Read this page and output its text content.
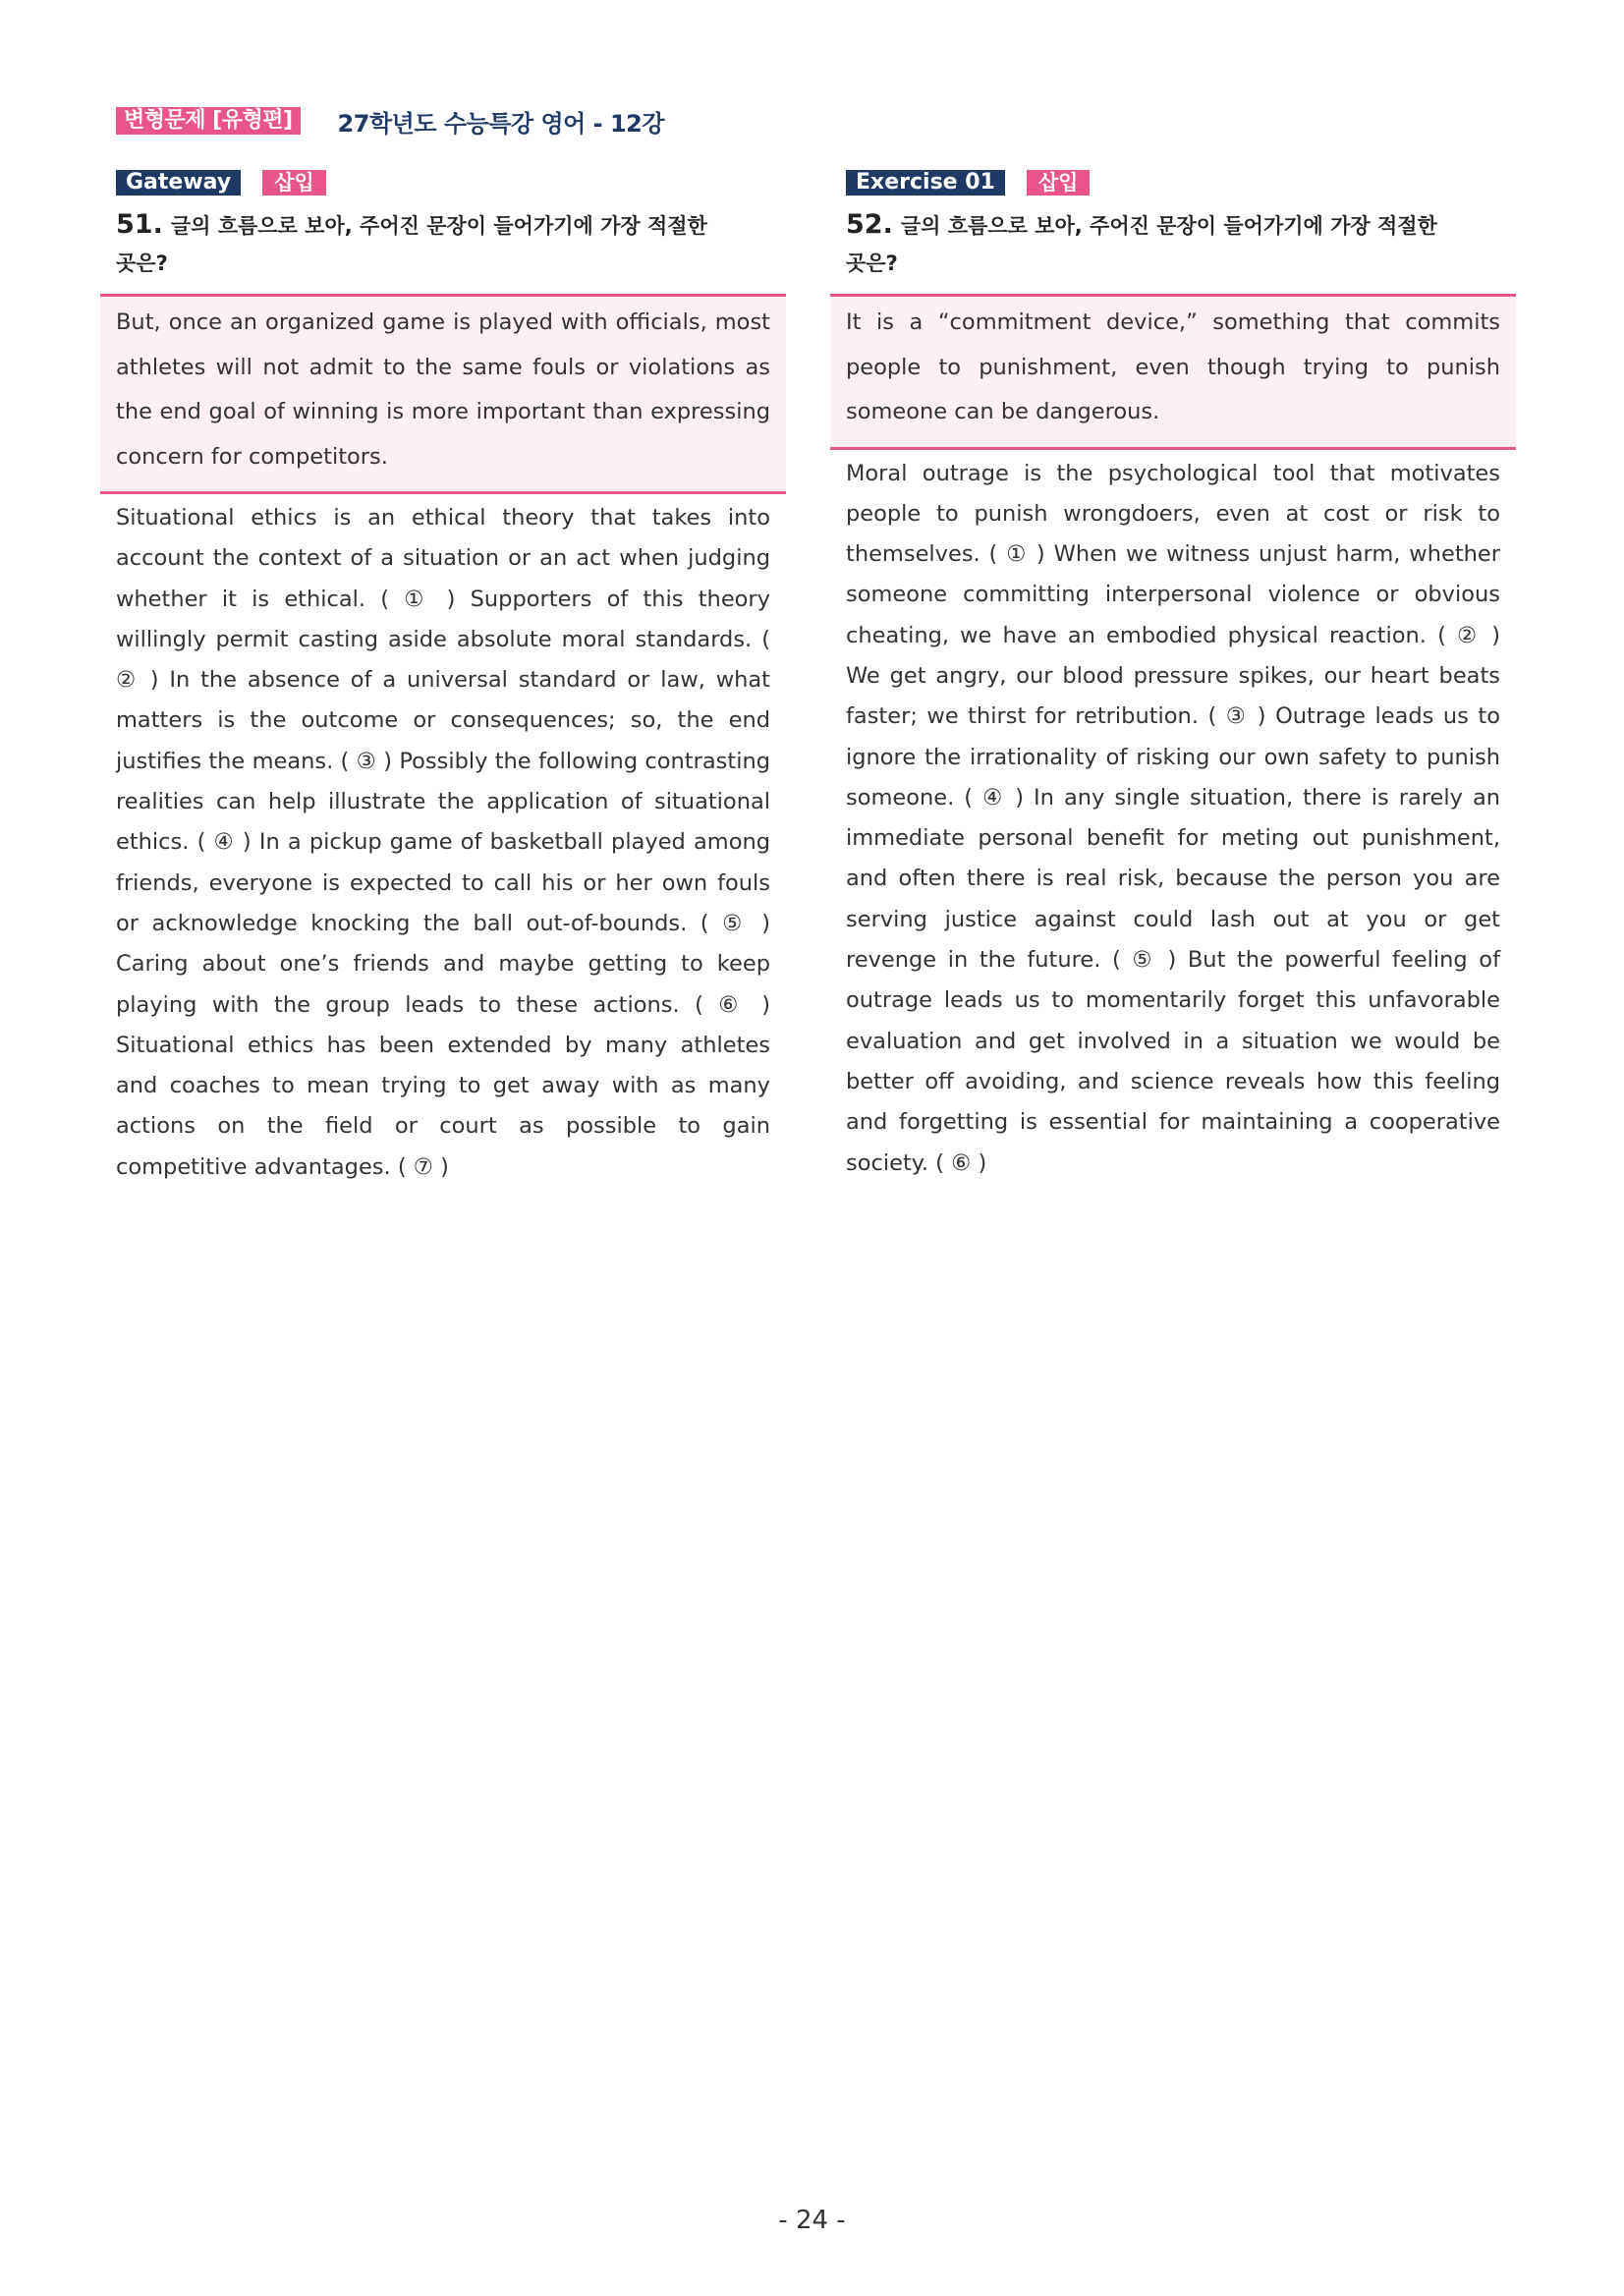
변형문제 [유형편]	27학년도 수능특강 영어 - 12강
Gateway	삽입
51. 글의 흐름으로 보아, 주어진 문장이 들어가기에 가장 적절한
곳은?

But, once an organized game is played with officials, most athletes will not admit to the same fouls or violations as the end goal of winning is more important than expressing concern for competitors.

Situational ethics is an ethical theory that takes into account the context of a situation or an act when judging whether it is ethical. ( ① ) Supporters of this theory willingly permit casting aside absolute moral standards. ( ② ) In the absence of a universal standard or law, what matters is the outcome or consequences; so, the end justifies the means. ( ③ ) Possibly the following contrasting realities can help illustrate the application of situational ethics. ( ④ ) In a pickup game of basketball played among friends, everyone is expected to call his or her own fouls or acknowledge knocking the ball out-of-bounds. ( ⑤ ) Caring about one’s friends and maybe getting to keep playing with the group leads to these actions. ( ⑥ ) Situational ethics has been extended by many athletes and coaches to mean trying to get away with as many actions on the field or court as possible to gain competitive advantages. ( ⑦ )

Exercise 01	삽입
52. 글의 흐름으로 보아, 주어진 문장이 들어가기에 가장 적절한
곳은?

It is a “commitment device,” something that commits people to punishment, even though trying to punish someone can be dangerous.

Moral outrage is the psychological tool that motivates people to punish wrongdoers, even at cost or risk to themselves. ( ① ) When we witness unjust harm, whether someone committing interpersonal violence or obvious cheating, we have an embodied physical reaction. ( ② ) We get angry, our blood pressure spikes, our heart beats faster; we thirst for retribution. ( ③ ) Outrage leads us to ignore the irrationality of risking our own safety to punish someone. ( ④ ) In any single situation, there is rarely an immediate personal benefit for meting out punishment, and often there is real risk, because the person you are serving justice against could lash out at you or get revenge in the future. ( ⑤ ) But the powerful feeling of outrage leads us to momentarily forget this unfavorable evaluation and get involved in a situation we would be better off avoiding, and science reveals how this feeling and forgetting is essential for maintaining a cooperative society. ( ⑥ )

- 24 -
